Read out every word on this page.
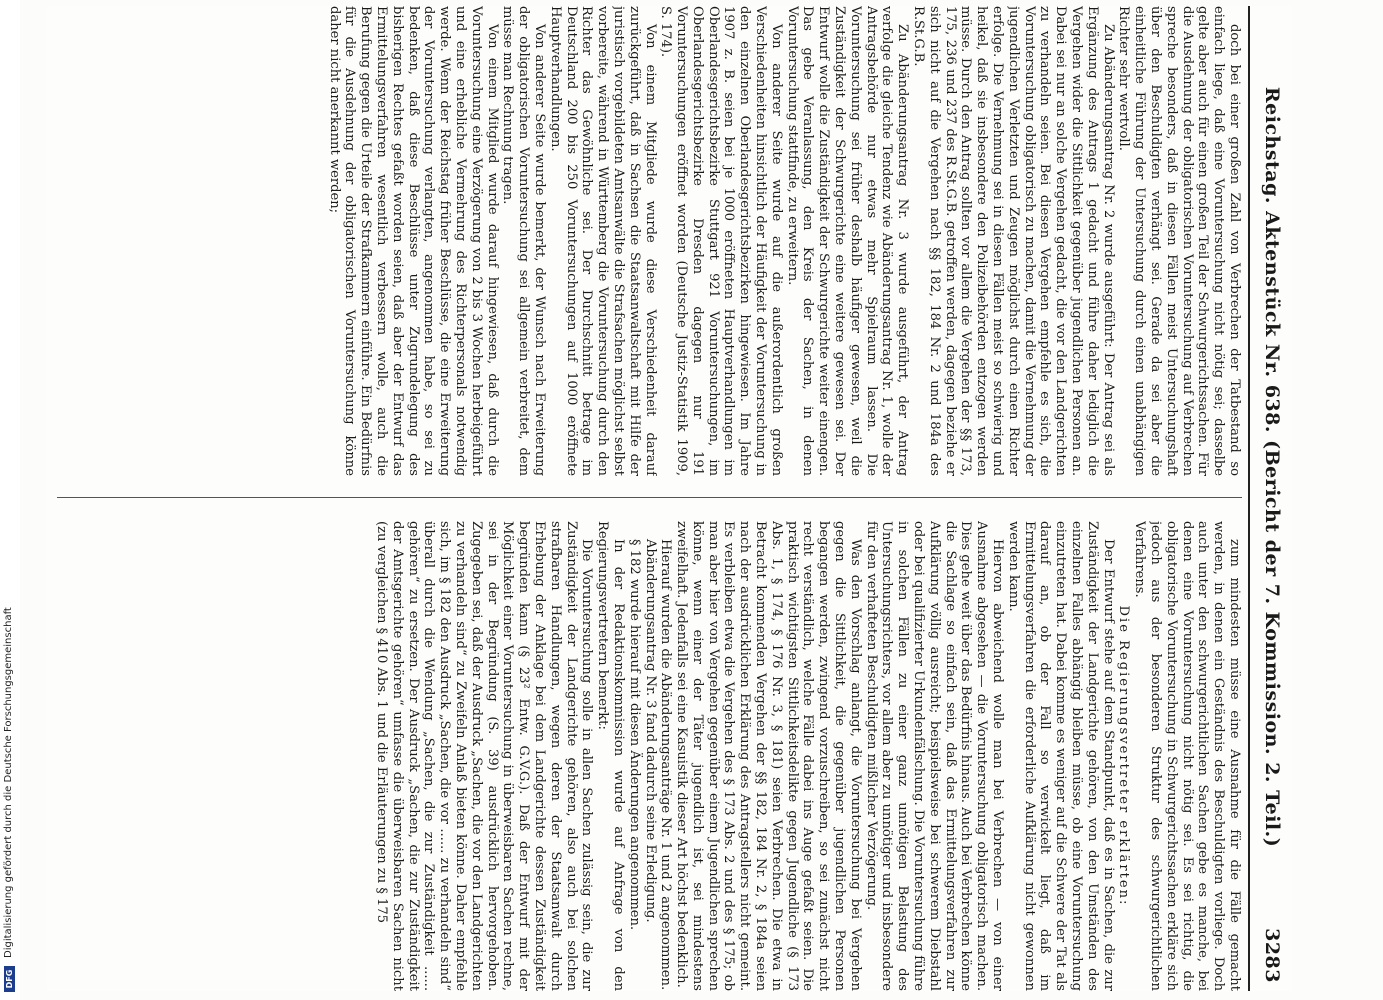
Reichstag. Aktenstück Nr. 638. (Bericht der 7. Kommission. 2. Teil.)
3283

doch bei einer großen Zahl von Verbrechen der Tatbestand so einfach liege, daß eine Voruntersuchung nicht nötig sei; dasselbe gelte aber auch für einen großen Teil der Schwurgerichtssachen. Für die Ausdehnung der obligatorischen Voruntersuchung auf Verbrechen spreche besonders, daß in diesen Fällen meist Untersuchungshaft über den Beschuldigten verhängt sei. Gerade da sei aber die einheitliche Führung der Untersuchung durch einen unabhängigen Richter sehr wertvoll.

Zu Abänderungsantrag Nr. 2 wurde ausgeführt: Der Antrag sei als Ergänzung des Antrags 1 gedacht und führe daher lediglich die Vergehen wider die Sittlichkeit gegenüber jugendlichen Personen an. Dabei sei nur an solche Vergehen gedacht, die vor den Landgerichten zu verhandeln seien. Bei diesen Vergehen empfehle es sich, die Voruntersuchung obligatorisch zu machen, damit die Vernehmung der jugendlichen Verletzten und Zeugen möglichst durch einen Richter erfolge. Die Vernehmung sei in diesen Fällen meist so schwierig und heikel, daß sie insbesondere den Polizeibehörden entzogen werden müsse. Durch den Antrag sollten vor allem die Vergehen der §§ 173, 175, 236 und 237 des R.St.G.B. getroffen werden, dagegen beziehe er sich nicht auf die Vergehen nach §§ 182, 184 Nr. 2 und 184a des R.St.G.B.

Zu Abänderungsantrag Nr. 3 wurde ausgeführt, der Antrag verfolge die gleiche Tendenz wie Abänderungsantrag Nr. 1, wolle der Antragsbehörde nur etwas mehr Spielraum lassen. Die Voruntersuchung sei früher deshalb häufiger gewesen, weil die Zuständigkeit der Schwurgerichte eine weitere gewesen sei. Der Entwurf wolle die Zuständigkeit der Schwurgerichte weiter einengen. Das gebe Veranlassung, den Kreis der Sachen, in denen Voruntersuchung stattfinde, zu erweitern.

Von anderer Seite wurde auf die außerordentlich großen Verschiedenheiten hinsichtlich der Häufigkeit der Voruntersuchung in den einzelnen Oberlandesgerichtsbezirken hingewiesen. Im Jahre 1907 z. B. seien bei je 1000 eröffneten Hauptverhandlungen im Oberlandesgerichtsbezirke Stuttgart 921 Voruntersuchungen, im Oberlandesgerichtsbezirke Dresden dagegen nur 191 Voruntersuchungen eröffnet worden (Deutsche Justiz-Statistik 1909, S. 174).

Von einem Mitgliede wurde diese Verschiedenheit darauf zurückgeführt, daß in Sachsen die Staatsanwaltschaft mit Hilfe der juristisch vorgebildeten Amtsanwälte die Strafsachen möglichst selbst vorbereite, während in Württemberg die Voruntersuchung durch den Richter das Gewöhnliche sei. Der Durchschnitt betrage im Deutschland 200 bis 250 Voruntersuchungen auf 1000 eröffnete Hauptverhandlungen.

Von anderer Seite wurde bemerkt, der Wunsch nach Erweiterung der obligatorischen Voruntersuchung sei allgemein verbreitet, dem müsse man Rechnung tragen.

Von einem Mitglied wurde darauf hingewiesen, daß durch die Voruntersuchung eine Verzögerung von 2 bis 3 Wochen herbeigeführt und eine erhebliche Vermehrung des Richterpersonals notwendig werde. Wenn der Reichstag früher Beschlüsse, die eine Erweiterung der Voruntersuchung verlangten, angenommen habe, so sei zu bedenken, daß diese Beschlüsse unter Zugrundelegung des bisherigen Rechtes gefaßt worden seien, daß aber der Entwurf das Ermittelungsverfahren wesentlich verbessern wolle, auch die Berufung gegen die Urteile der Strafkammern einführe. Ein Bedürfnis für die Ausdehnung der obligatorischen Voruntersuchung könne daher nicht anerkannt werden;

zum mindesten müsse eine Ausnahme für die Fälle gemacht werden, in denen ein Geständnis des Beschuldigten vorliege. Doch auch unter den schwurgerichtlichen Sachen gebe es manche, bei denen eine Voruntersuchung nicht nötig sei. Es sei richtig, die obligatorische Voruntersuchung in Schwurgerichtssachen erkläre sich jedoch aus der besonderen Struktur des schwurgerichtlichen Verfahrens.

Die Regierungsvertreter erklärten:

Der Entwurf stehe auf dem Standpunkt, daß es in Sachen, die zur Zuständigkeit der Landgerichte gehören, von den Umständen des einzelnen Falles abhängig bleiben müsse, ob eine Voruntersuchung einzutreten hat. Dabei komme es weniger auf die Schwere der Tat als darauf an, ob der Fall so verwickelt liegt, daß im Ermittelungsverfahren die erforderliche Aufklärung nicht gewonnen werden kann.

Hiervon abweichend wolle man bei Verbrechen — von einer Ausnahme abgesehen — die Voruntersuchung obligatorisch machen. Dies gehe weit über das Bedürfnis hinaus. Auch bei Verbrechen könne die Sachlage so einfach sein, daß das Ermittelungsverfahren zur Aufklärung völlig ausreicht; beispielsweise bei schwerem Diebstahl oder bei qualifizierter Urkundenfälschung. Die Voruntersuchung führe in solchen Fällen zu einer ganz unnötigen Belastung des Untersuchungsrichters, vor allem aber zu unnötiger und insbesondere für den verhafteten Beschuldigten mißlicher Verzögerung.

Was den Vorschlag anlangt, die Voruntersuchung bei Vergehen gegen die Sittlichkeit, die gegenüber jugendlichen Personen begangen werden, zwingend vorzuschreiben, so sei zunächst nicht recht verständlich, welche Fälle dabei ins Auge gefaßt seien. Die praktisch wichtigsten Sittlichkeitsdelikte gegen Jugendliche (§ 173 Abs. 1, § 174, § 176 Nr. 3, § 181) seien Verbrechen. Die etwa in Betracht kommenden Vergehen der §§ 182, 184 Nr. 2, § 184a seien nach der ausdrücklichen Erklärung des Antragstellers nicht gemeint. Es verbleiben etwa die Vergehen des § 173 Abs. 2 und des § 175; ob man aber hier von Vergehen gegenüber einem Jugendlichen sprechen könne, wenn einer der Täter jugendlich ist, sei mindestens zweifelhaft. Jedenfalls sei eine Kasuistik dieser Art höchst bedenklich.

Hierauf wurden die Abänderungsanträge Nr. 1 und 2 angenommen.

Abänderungsantrag Nr. 3 fand dadurch seine Erledigung.

§ 182 wurde hierauf mit diesen Änderungen angenommen.

In der Redaktionskommission wurde auf Anfrage von den Regierungsvertretern bemerkt:

Die Voruntersuchung solle in allen Sachen zulässig sein, die zur Zuständigkeit der Landgerichte gehören, also auch bei solchen strafbaren Handlungen, wegen deren der Staatsanwalt durch Erhebung der Anklage bei dem Landgerichte dessen Zuständigkeit begründen kann (§ 23² Entw. G.V.G.). Daß der Entwurf mit der Möglichkeit einer Voruntersuchung in überweisbaren Sachen rechne, sei in der Begründung (S. 39) ausdrücklich hervorgehoben. Zugegeben sei, daß der Ausdruck „Sachen, die vor den Landgerichten zu verhandeln sind“ zu Zweifeln Anlaß bieten könne. Daher empfehle sich, im § 182 den Ausdruck „Sachen, die vor ...... zu verhandeln sind“ überall durch die Wendung „Sachen, die zur Zuständigkeit ...... gehören“ zu ersetzen. Der Ausdruck „Sachen, die zur Zuständigkeit der Amtsgerichte gehören“ umfasse die überweisbaren Sachen nicht (zu vergleichen § 410 Abs. 1 und die Erläuterungen zu § 175

DFG
Digitalisierung gefördert durch die Deutsche Forschungsgemeinschaft
